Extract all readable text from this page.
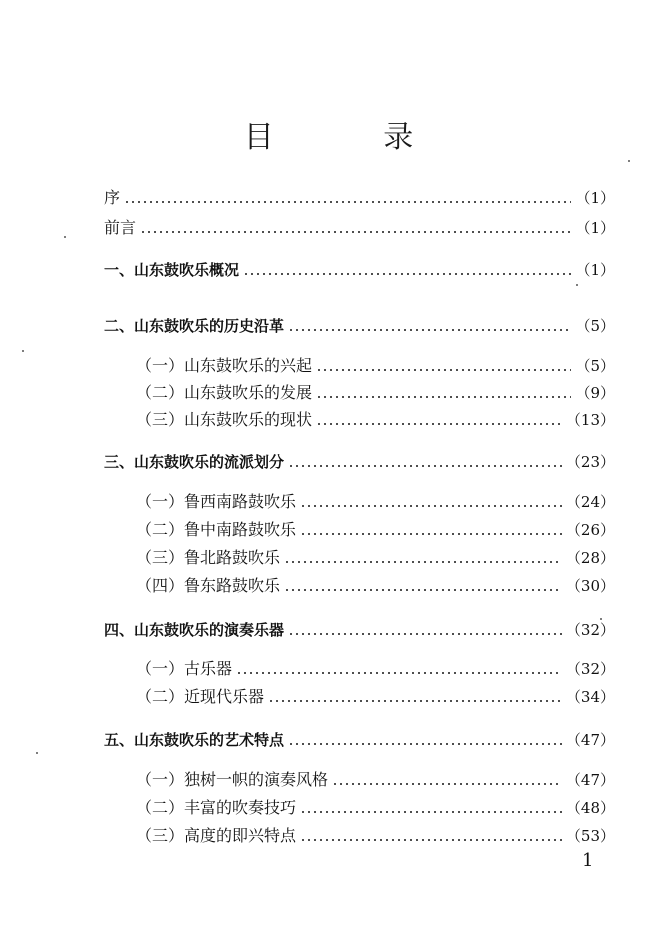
目 录
序	（1）
前言	（1）
一、山东鼓吹乐概况	（1）
二、山东鼓吹乐的历史沿革	（5）
（一）山东鼓吹乐的兴起	（5）
（二）山东鼓吹乐的发展	（9）
（三）山东鼓吹乐的现状	（13）
三、山东鼓吹乐的流派划分	（23）
（一）鲁西南路鼓吹乐	（24）
（二）鲁中南路鼓吹乐	（26）
（三）鲁北路鼓吹乐	（28）
（四）鲁东路鼓吹乐	（30）
四、山东鼓吹乐的演奏乐器	（32）
（一）古乐器	（32）
（二）近现代乐器	（34）
五、山东鼓吹乐的艺术特点	（47）
（一）独树一帜的演奏风格	（47）
（二）丰富的吹奏技巧	（48）
（三）高度的即兴特点	（53）
1
